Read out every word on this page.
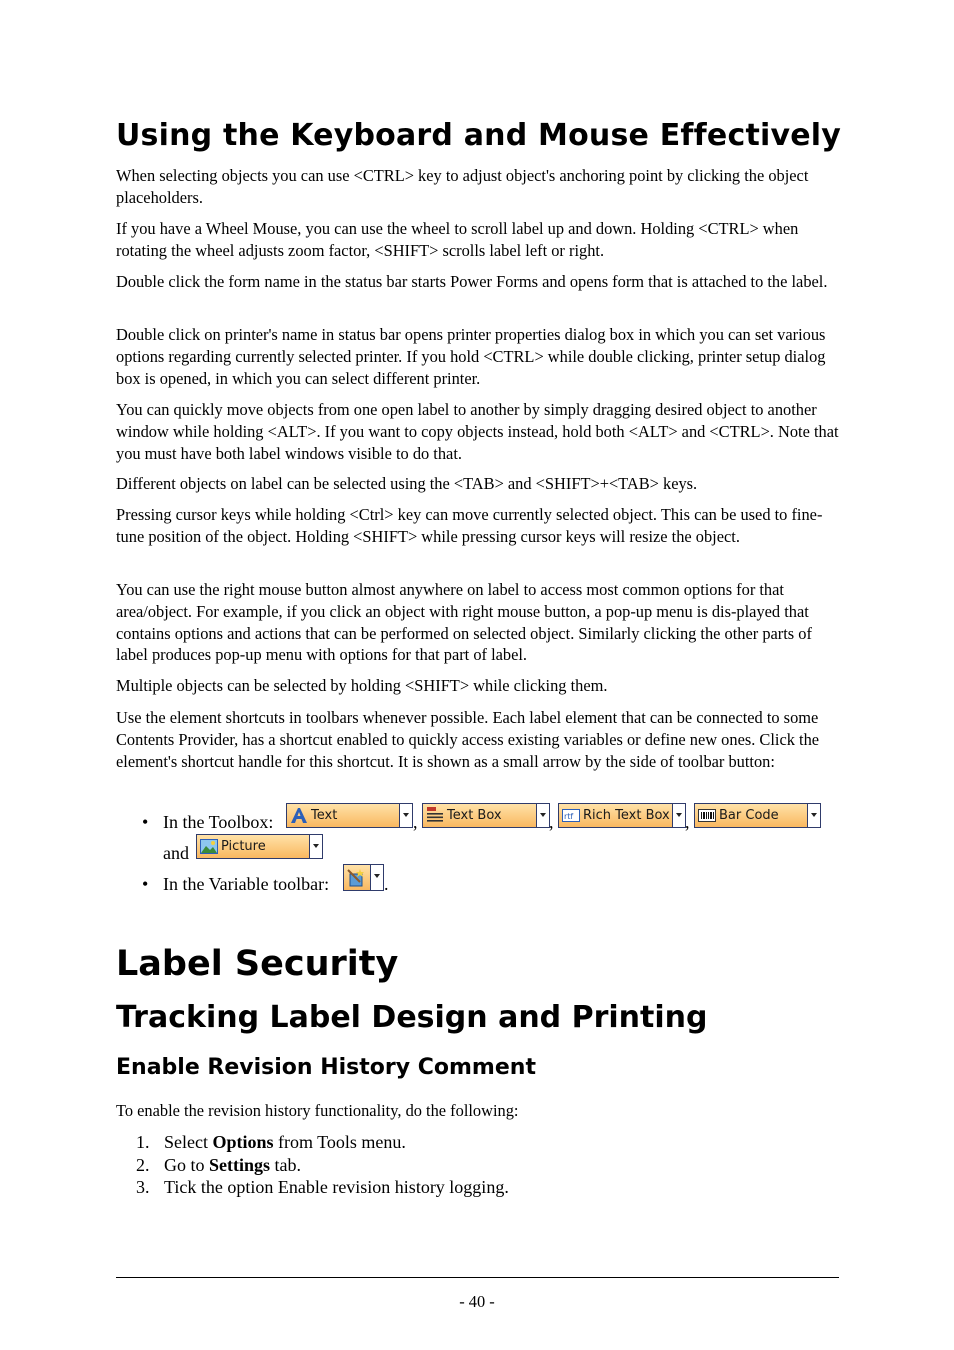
Using the Keyboard and Mouse Effectively

When selecting objects you can use <CTRL> key to adjust object's anchoring point by clicking the object placeholders.

If you have a Wheel Mouse, you can use the wheel to scroll label up and down. Holding <CTRL> when rotating the wheel adjusts zoom factor, <SHIFT> scrolls label left or right.

Double click the form name in the status bar starts Power Forms and opens form that is attached to the label.

Double click on printer's name in status bar opens printer properties dialog box in which you can set various options regarding currently selected printer. If you hold <CTRL> while double clicking, printer setup dialog box is opened, in which you can select different printer.

You can quickly move objects from one open label to another by simply dragging desired object to another window while holding <ALT>. If you want to copy objects instead, hold both <ALT> and <CTRL>. Note that you must have both label windows visible to do that.

Different objects on label can be selected using the <TAB> and <SHIFT>+<TAB> keys.

Pressing cursor keys while holding <Ctrl> key can move currently selected object. This can be used to fine-tune position of the object. Holding <SHIFT> while pressing cursor keys will resize the object.

You can use the right mouse button almost anywhere on label to access most common options for that area/object. For example, if you click an object with right mouse button, a pop-up menu is dis-played that contains options and actions that can be performed on selected object. Similarly clicking the other parts of label produces pop-up menu with options for that part of label.

Multiple objects can be selected by holding <SHIFT> while clicking them.

Use the element shortcuts in toolbars whenever possible. Each label element that can be connected to some Contents Provider, has a shortcut enabled to quickly access existing variables or define new ones. Click the element's shortcut handle for this shortcut. It is shown as a small arrow by the side of toolbar button:

• In the Toolbox:	Text	, Text Box	, rtf Rich Text Box , Bar Code
and Picture
• In the Variable toolbar:	.
Label Security
Tracking Label Design and Printing
Enable Revision History Comment

To enable the revision history functionality, do the following:

1. Select Options from Tools menu.
2. Go to Settings tab.
3. Tick the option Enable revision history logging.
- 40 -
